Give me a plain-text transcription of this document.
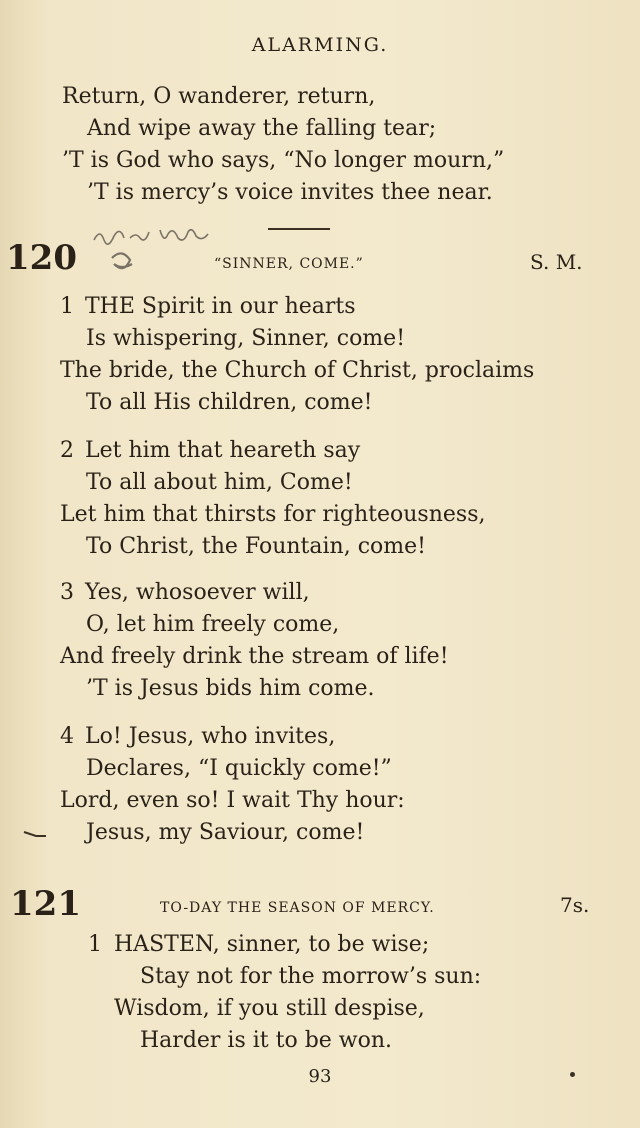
ALARMING.
Return, O wanderer, return,
And wipe away the falling tear;
’T is God who says, “No longer mourn,”
’T is mercy’s voice invites thee near.
120	“SINNER, COME.”	S. M.
1 THE Spirit in our hearts
Is whispering, Sinner, come!
The bride, the Church of Christ, proclaims
To all His children, come!
2 Let him that heareth say
To all about him, Come!
Let him that thirsts for righteousness,
To Christ, the Fountain, come!
3 Yes, whosoever will,
O, let him freely come,
And freely drink the stream of life!
’T is Jesus bids him come.
4 Lo! Jesus, who invites,
Declares, “I quickly come!”
Lord, even so! I wait Thy hour:
Jesus, my Saviour, come!
121	TO-DAY THE SEASON OF MERCY.	7s.
1 HASTEN, sinner, to be wise;
Stay not for the morrow’s sun:
Wisdom, if you still despise,
Harder is it to be won.
93
